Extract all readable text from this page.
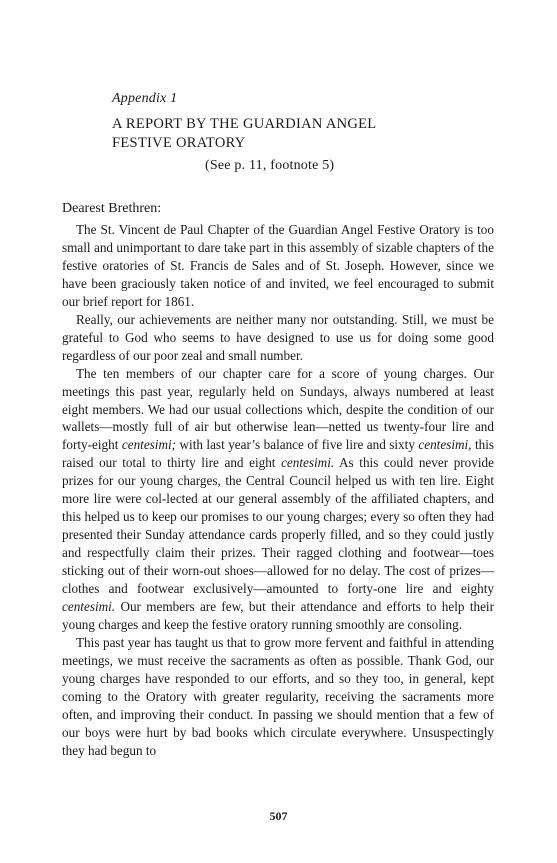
Appendix 1
A REPORT BY THE GUARDIAN ANGEL
FESTIVE ORATORY
(See p. 11, footnote 5)
Dearest Brethren:

The St. Vincent de Paul Chapter of the Guardian Angel Festive Oratory is too small and unimportant to dare take part in this assembly of sizable chapters of the festive oratories of St. Francis de Sales and of St. Joseph. However, since we have been graciously taken notice of and invited, we feel encouraged to submit our brief report for 1861.

Really, our achievements are neither many nor outstanding. Still, we must be grateful to God who seems to have designed to use us for doing some good regardless of our poor zeal and small number.

The ten members of our chapter care for a score of young charges. Our meetings this past year, regularly held on Sundays, always numbered at least eight members. We had our usual collections which, despite the condition of our wallets—mostly full of air but otherwise lean—netted us twenty-four lire and forty-eight centesimi; with last year’s balance of five lire and sixty centesimi, this raised our total to thirty lire and eight centesimi. As this could never provide prizes for our young charges, the Central Council helped us with ten lire. Eight more lire were col-lected at our general assembly of the affiliated chapters, and this helped us to keep our promises to our young charges; every so often they had presented their Sunday attendance cards properly filled, and so they could justly and respectfully claim their prizes. Their ragged clothing and footwear—toes sticking out of their worn-out shoes—allowed for no delay. The cost of prizes—clothes and footwear exclusively—amounted to forty-one lire and eighty centesimi. Our members are few, but their attendance and efforts to help their young charges and keep the festive oratory running smoothly are consoling.

This past year has taught us that to grow more fervent and faithful in attending meetings, we must receive the sacraments as often as possible. Thank God, our young charges have responded to our efforts, and so they too, in general, kept coming to the Oratory with greater regularity, receiving the sacraments more often, and improving their conduct. In passing we should mention that a few of our boys were hurt by bad books which circulate everywhere. Unsuspectingly they had begun to

507
